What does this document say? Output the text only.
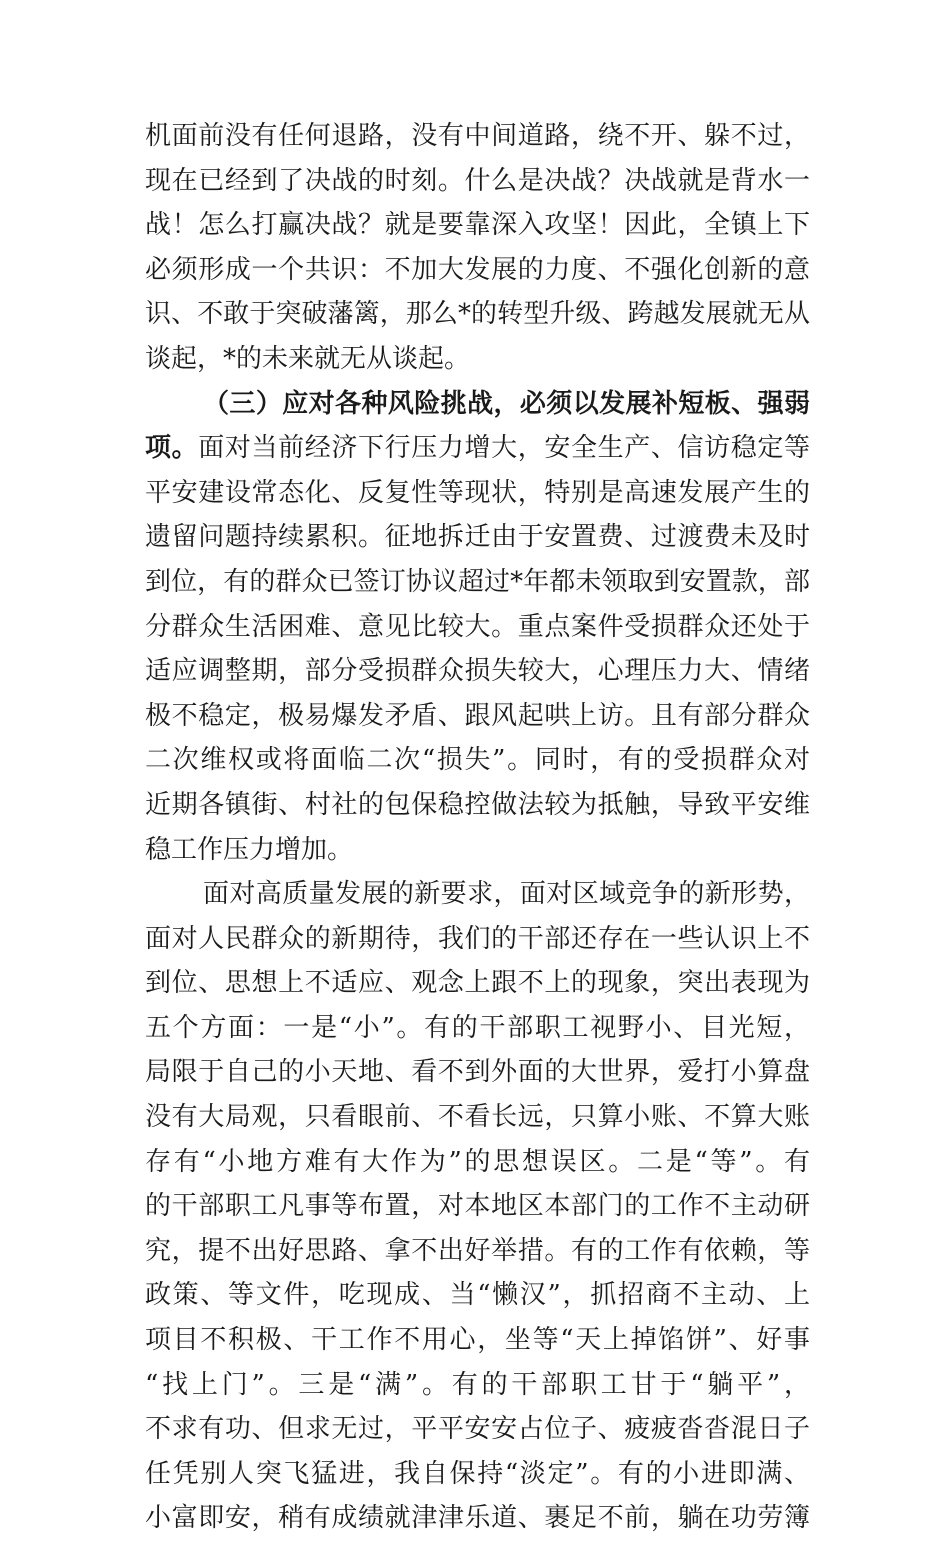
机面前没有任何退路，没有中间道路，绕不开、躲不过，
现在已经到了决战的时刻。什么是决战？决战就是背水一
战！怎么打赢决战？就是要靠深入攻坚！因此，全镇上下
必须形成一个共识：不加大发展的力度、不强化创新的意
识、不敢于突破藩篱，那么*的转型升级、跨越发展就无从
谈起，*的未来就无从谈起。
（三）应对各种风险挑战，必须以发展补短板、强弱
项。面对当前经济下行压力增大，安全生产、信访稳定等
平安建设常态化、反复性等现状，特别是高速发展产生的
遗留问题持续累积。征地拆迁由于安置费、过渡费未及时
到位，有的群众已签订协议超过*年都未领取到安置款，部
分群众生活困难、意见比较大。重点案件受损群众还处于
适应调整期，部分受损群众损失较大，心理压力大、情绪
极不稳定，极易爆发矛盾、跟风起哄上访。且有部分群众
二次维权或将面临二次“损失”。同时，有的受损群众对
近期各镇街、村社的包保稳控做法较为抵触，导致平安维
稳工作压力增加。
面对高质量发展的新要求，面对区域竞争的新形势，
面对人民群众的新期待，我们的干部还存在一些认识上不
到位、思想上不适应、观念上跟不上的现象，突出表现为
五个方面：一是“小”。有的干部职工视野小、目光短，
局限于自己的小天地、看不到外面的大世界，爱打小算盘
没有大局观，只看眼前、不看长远，只算小账、不算大账
存有“小地方难有大作为”的思想误区。二是“等”。有
的干部职工凡事等布置，对本地区本部门的工作不主动研
究，提不出好思路、拿不出好举措。有的工作有依赖，等
政策、等文件，吃现成、当“懒汉”，抓招商不主动、上
项目不积极、干工作不用心，坐等“天上掉馅饼”、好事
“找上门”。三是“满”。有的干部职工甘于“躺平”，
不求有功、但求无过，平平安安占位子、疲疲沓沓混日子
任凭别人突飞猛进，我自保持“淡定”。有的小进即满、
小富即安，稍有成绩就津津乐道、裹足不前，躺在功劳簿
